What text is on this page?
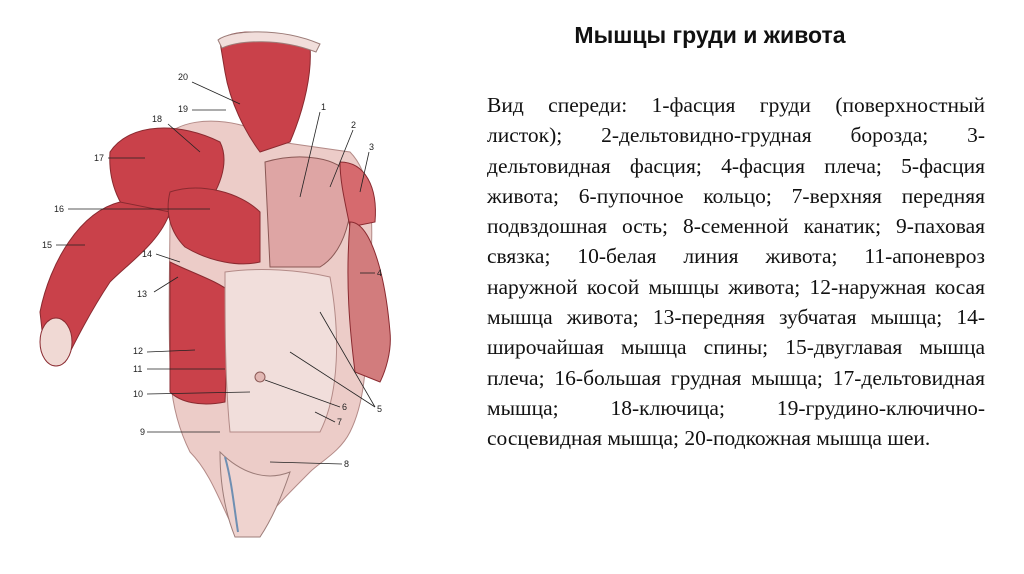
20
19
18
17
16
15
14
13
12
11
10
9
1
2
3
4
5
6
7
8
Мышцы груди и живота
Вид спереди: 1-фасция груди (поверхностный листок); 2-дельтовидно-грудная борозда; 3-дельтовидная фасция; 4-фасция плеча; 5-фасция живота; 6-пупочное кольцо; 7-верхняя передняя подвздошная ость; 8-семенной канатик; 9-паховая связка; 10-белая линия живота; 11-апоневроз наружной косой мышцы живота; 12-наружная косая мышца живота; 13-передняя зубчатая мышца; 14-широчайшая мышца спины; 15-двуглавая мышца плеча; 16-большая грудная мышца; 17-дельтовидная мышца; 18-ключица; 19-грудино-ключично-сосцевидная мышца; 20-подкожная мышца шеи.
